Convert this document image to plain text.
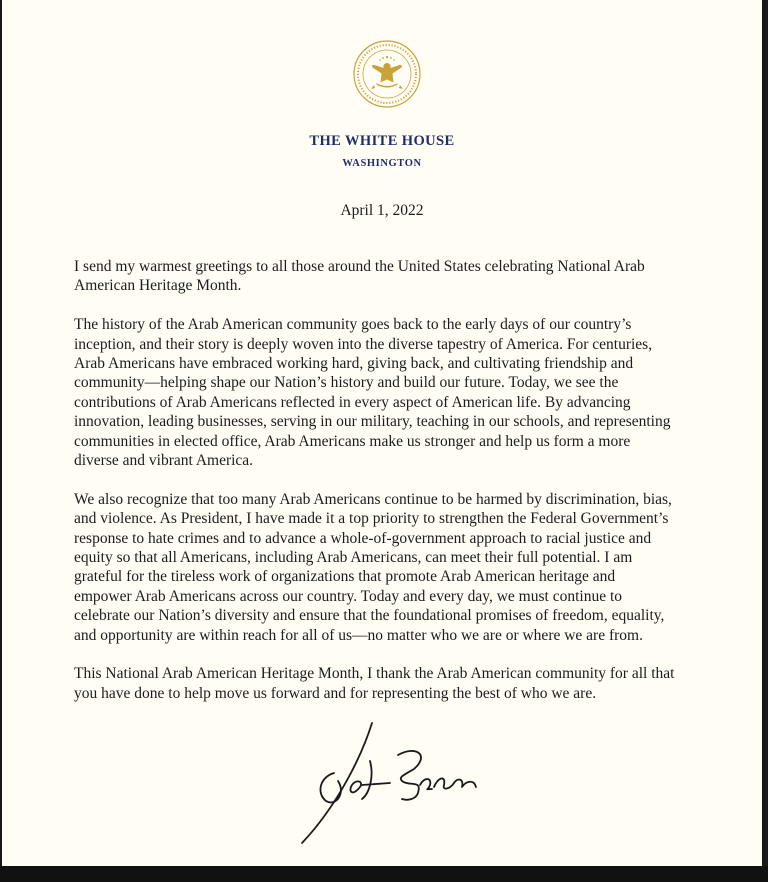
THE WHITE HOUSE
WASHINGTON
April 1, 2022

I send my warmest greetings to all those around the United States celebrating National Arab
American Heritage Month.

The history of the Arab American community goes back to the early days of our country’s
inception, and their story is deeply woven into the diverse tapestry of America. For centuries,
Arab Americans have embraced working hard, giving back, and cultivating friendship and
community—helping shape our Nation’s history and build our future. Today, we see the
contributions of Arab Americans reflected in every aspect of American life. By advancing
innovation, leading businesses, serving in our military, teaching in our schools, and representing
communities in elected office, Arab Americans make us stronger and help us form a more
diverse and vibrant America.

We also recognize that too many Arab Americans continue to be harmed by discrimination, bias,
and violence. As President, I have made it a top priority to strengthen the Federal Government’s
response to hate crimes and to advance a whole-of-government approach to racial justice and
equity so that all Americans, including Arab Americans, can meet their full potential. I am
grateful for the tireless work of organizations that promote Arab American heritage and
empower Arab Americans across our country. Today and every day, we must continue to
celebrate our Nation’s diversity and ensure that the foundational promises of freedom, equality,
and opportunity are within reach for all of us—no matter who we are or where we are from.

This National Arab American Heritage Month, I thank the Arab American community for all that
you have done to help move us forward and for representing the best of who we are.
